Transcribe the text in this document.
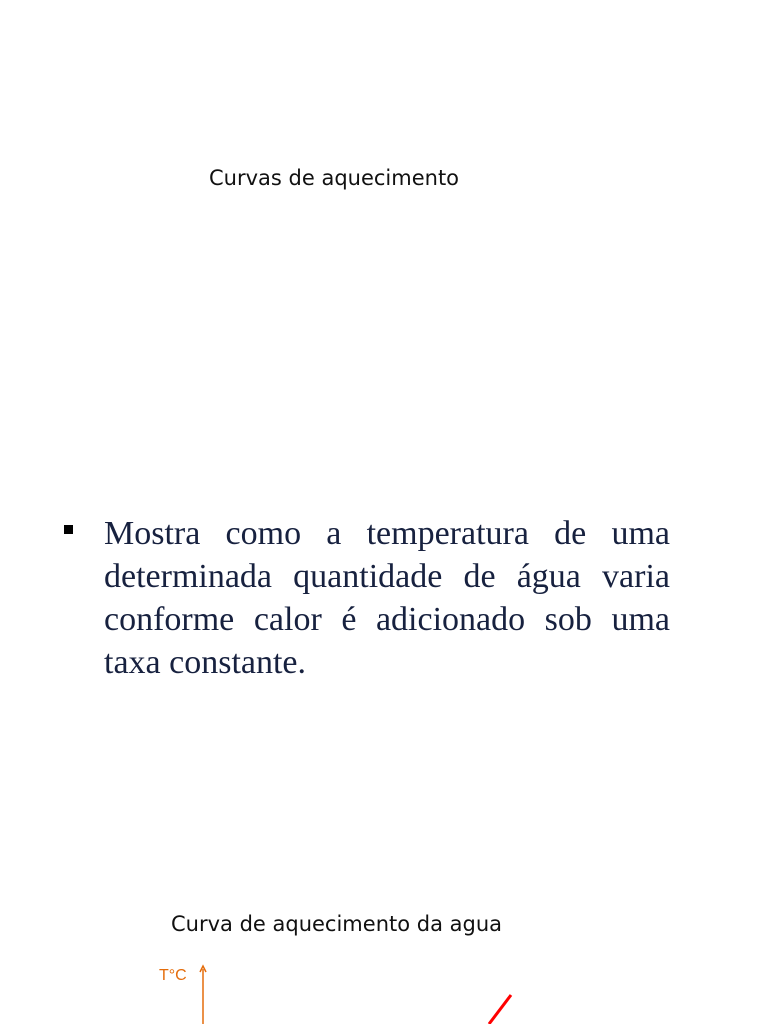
Curvas de aquecimento
Mostra como a temperatura de uma determinada quantidade de água varia conforme calor é adicionado sob uma taxa constante.
Curva de aquecimento da agua
T°C
